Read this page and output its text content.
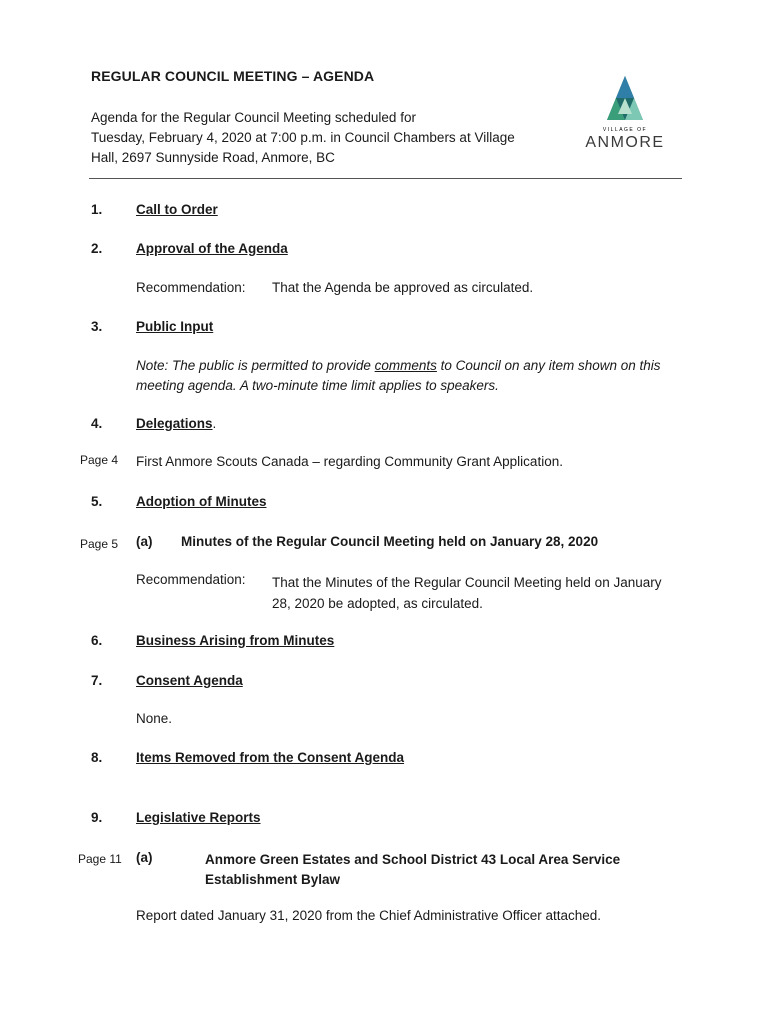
REGULAR COUNCIL MEETING – AGENDA
Agenda for the Regular Council Meeting scheduled for
Tuesday, February 4, 2020 at 7:00 p.m. in Council Chambers at Village
Hall, 2697 Sunnyside Road, Anmore, BC
VILLAGE OF
ANMORE
1. Call to Order
2. Approval of the Agenda
Recommendation: That the Agenda be approved as circulated.
3. Public Input
Note: The public is permitted to provide comments to Council on any item shown on this
meeting agenda. A two-minute time limit applies to speakers.
4. Delegations.
Page 4 First Anmore Scouts Canada – regarding Community Grant Application.
5. Adoption of Minutes
Page 5 (a) Minutes of the Regular Council Meeting held on January 28, 2020
Recommendation: That the Minutes of the Regular Council Meeting held on January
28, 2020 be adopted, as circulated.
6. Business Arising from Minutes
7. Consent Agenda
None.
8. Items Removed from the Consent Agenda
9. Legislative Reports
Page 11 (a)	Anmore Green Estates and School District 43 Local Area Service
Establishment Bylaw
Report dated January 31, 2020 from the Chief Administrative Officer attached.
